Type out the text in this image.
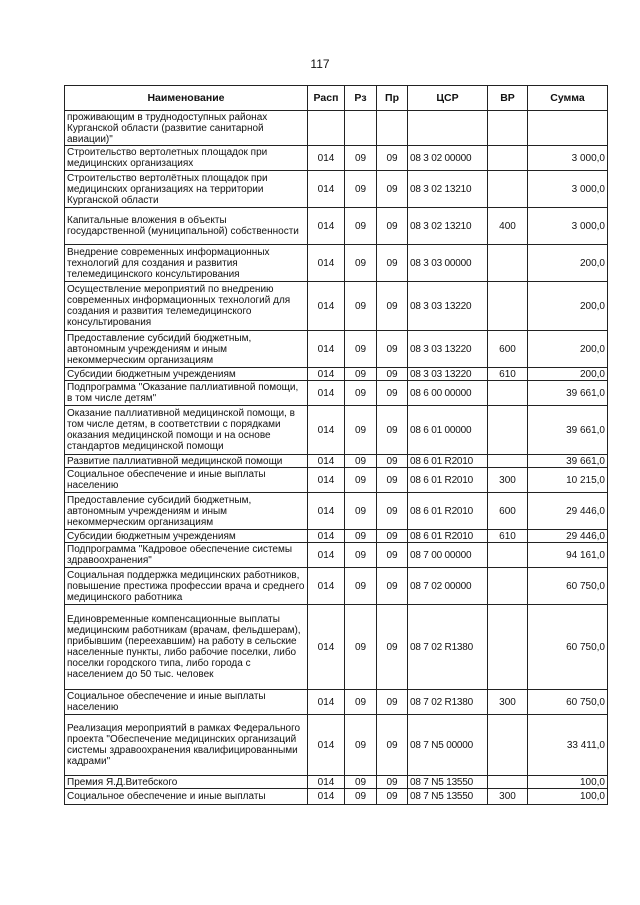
117
Наименование	Расп	Рз	Пр	ЦСР	ВР	Сумма
проживающим в труднодоступных районах Курганской области (развитие санитарной авиации)"						
Строительство вертолетных площадок при медицинских организациях	014	09	09	08 3 02 00000		3 000,0
Строительство вертолётных площадок при медицинских организациях на территории Курганской области	014	09	09	08 3 02 13210		3 000,0
Капитальные вложения в объекты государственной (муниципальной) собственности	014	09	09	08 3 02 13210	400	3 000,0
Внедрение современных информационных технологий для создания и развития телемедицинского консультирования	014	09	09	08 3 03 00000		200,0
Осуществление мероприятий по внедрению современных информационных технологий для создания и развития телемедицинского консультирования	014	09	09	08 3 03 13220		200,0
Предоставление субсидий бюджетным, автономным учреждениям и иным некоммерческим организациям	014	09	09	08 3 03 13220	600	200,0
Субсидии бюджетным учреждениям	014	09	09	08 3 03 13220	610	200,0
Подпрограмма "Оказание паллиативной помощи, в том числе детям"	014	09	09	08 6 00 00000		39 661,0
Оказание паллиативной медицинской помощи, в том числе детям, в соответствии с порядками оказания медицинской помощи и на основе стандартов медицинской помощи	014	09	09	08 6 01 00000		39 661,0
Развитие паллиативной медицинской помощи	014	09	09	08 6 01 R2010		39 661,0
Социальное обеспечение и иные выплаты населению	014	09	09	08 6 01 R2010	300	10 215,0
Предоставление субсидий бюджетным, автономным учреждениям и иным некоммерческим организациям	014	09	09	08 6 01 R2010	600	29 446,0
Субсидии бюджетным учреждениям	014	09	09	08 6 01 R2010	610	29 446,0
Подпрограмма "Кадровое обеспечение системы здравоохранения"	014	09	09	08 7 00 00000		94 161,0
Социальная поддержка медицинских работников, повышение престижа профессии врача и среднего медицинского работника	014	09	09	08 7 02 00000		60 750,0
Единовременные компенсационные выплаты медицинским работникам (врачам, фельдшерам), прибывшим (переехавшим) на работу в сельские населенные пункты, либо рабочие поселки, либо поселки городского типа, либо города с населением до 50 тыс. человек	014	09	09	08 7 02 R1380		60 750,0
Социальное обеспечение и иные выплаты населению	014	09	09	08 7 02 R1380	300	60 750,0
Реализация мероприятий в рамках Федерального проекта "Обеспечение медицинских организаций системы здравоохранения квалифицированными кадрами"	014	09	09	08 7 N5 00000		33 411,0
Премия Я.Д.Витебского	014	09	09	08 7 N5 13550		100,0
Социальное обеспечение и иные выплаты	014	09	09	08 7 N5 13550	300	100,0
